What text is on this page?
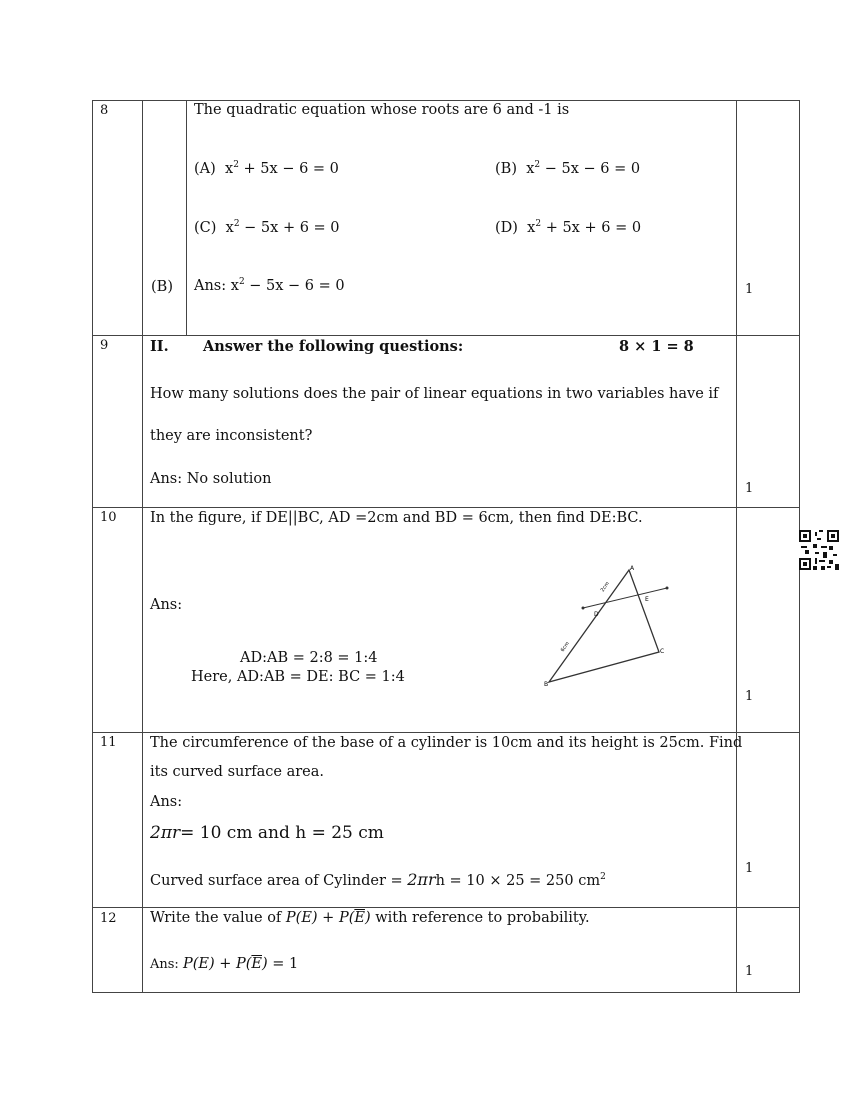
8	The quadratic equation whose roots are 6 and -1 is
(A) $x^2 + 5x - 6 = 0$	(B) $x^2 - 5x - 6 = 0$
(C) $x^2 - 5x + 6 = 0$	(D) $x^2 + 5x + 6 = 0$
(B) Ans: $x^2 - 5x - 6 = 0$	1
9	II. Answer the following questions:	8 × 1 = 8
How many solutions does the pair of linear equations in two variables have if
they are inconsistent?
Ans: No solution
1
10 In the figure, if DE||BC, AD =2cm and BD = 6cm, then find DE:BC.
Ans:
AD:AB = 2:8 = 1:4
Here, AD:AB = DE: BC = 1:4
1
A
B
C
D
E
2cm
6cm
11 The circumference of the base of a cylinder is 10cm and its height is 25cm. Find
its curved surface area.
Ans:
2πr= 10 cm and h = 25 cm
Curved surface area of Cylinder = 2πrh = 10 × 25 = 250 $cm^2$
1
12 Write the value of $P(E) + P(\overline{E})$ with reference to probability.
Ans: $P(E) + P(\overline{E}) = 1$	1
